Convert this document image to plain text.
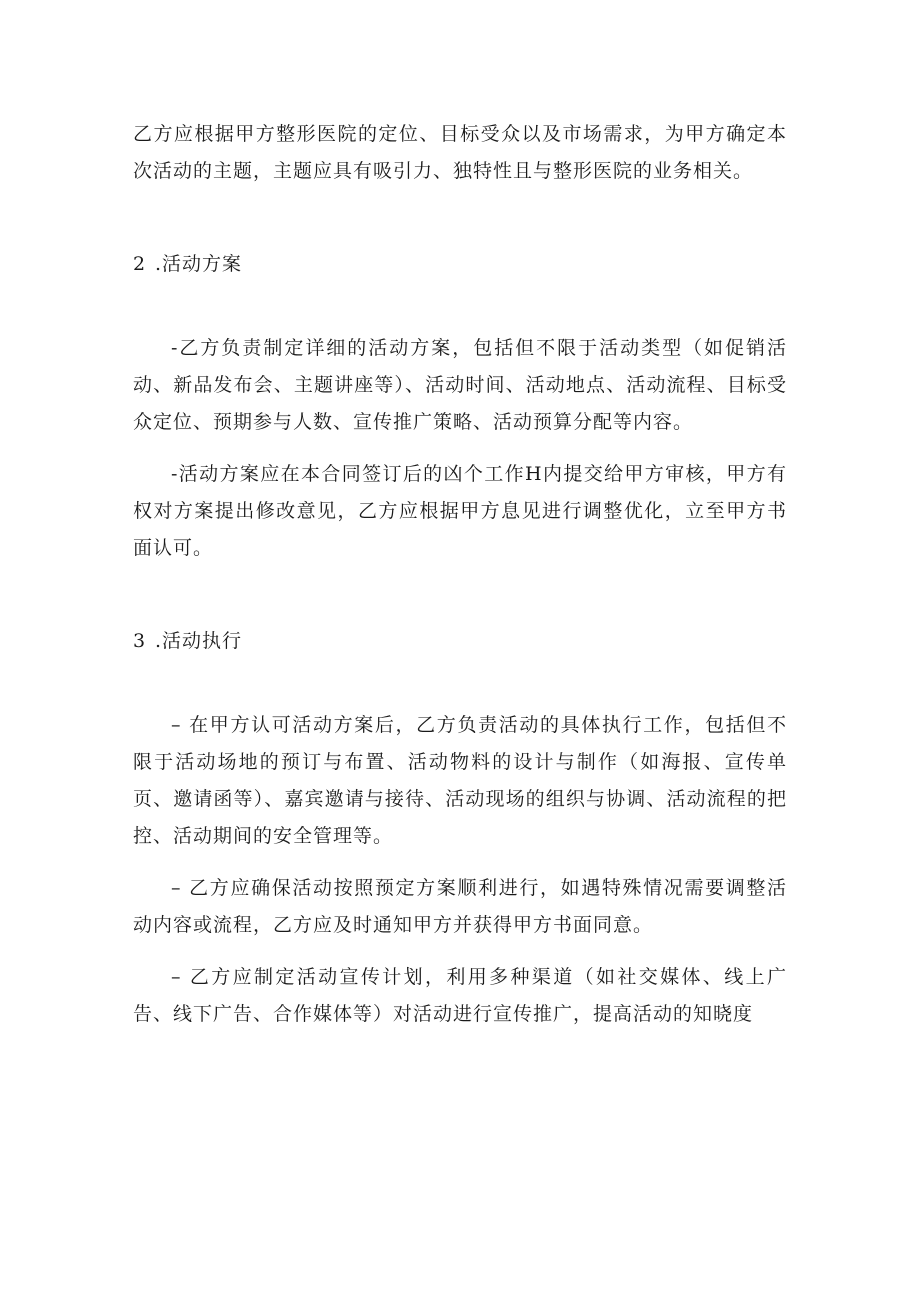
乙方应根据甲方整形医院的定位、目标受众以及市场需求，为甲方确定本次活动的主题，主题应具有吸引力、独特性且与整形医院的业务相关。

2 .活动方案

-乙方负责制定详细的活动方案，包括但不限于活动类型（如促销活动、新品发布会、主题讲座等）、活动时间、活动地点、活动流程、目标受众定位、预期参与人数、宣传推广策略、活动预算分配等内容。

-活动方案应在本合同签订后的凶个工作H内提交给甲方审核，甲方有权对方案提出修改意见，乙方应根据甲方息见进行调整优化，立至甲方书面认可。

3 .活动执行

– 在甲方认可活动方案后，乙方负责活动的具体执行工作，包括但不限于活动场地的预订与布置、活动物料的设计与制作（如海报、宣传单页、邀请函等）、嘉宾邀请与接待、活动现场的组织与协调、活动流程的把控、活动期间的安全管理等。

– 乙方应确保活动按照预定方案顺利进行，如遇特殊情况需要调整活动内容或流程，乙方应及时通知甲方并获得甲方书面同意。

– 乙方应制定活动宣传计划，利用多种渠道（如社交媒体、线上广告、线下广告、合作媒体等）对活动进行宣传推广，提高活动的知晓度
